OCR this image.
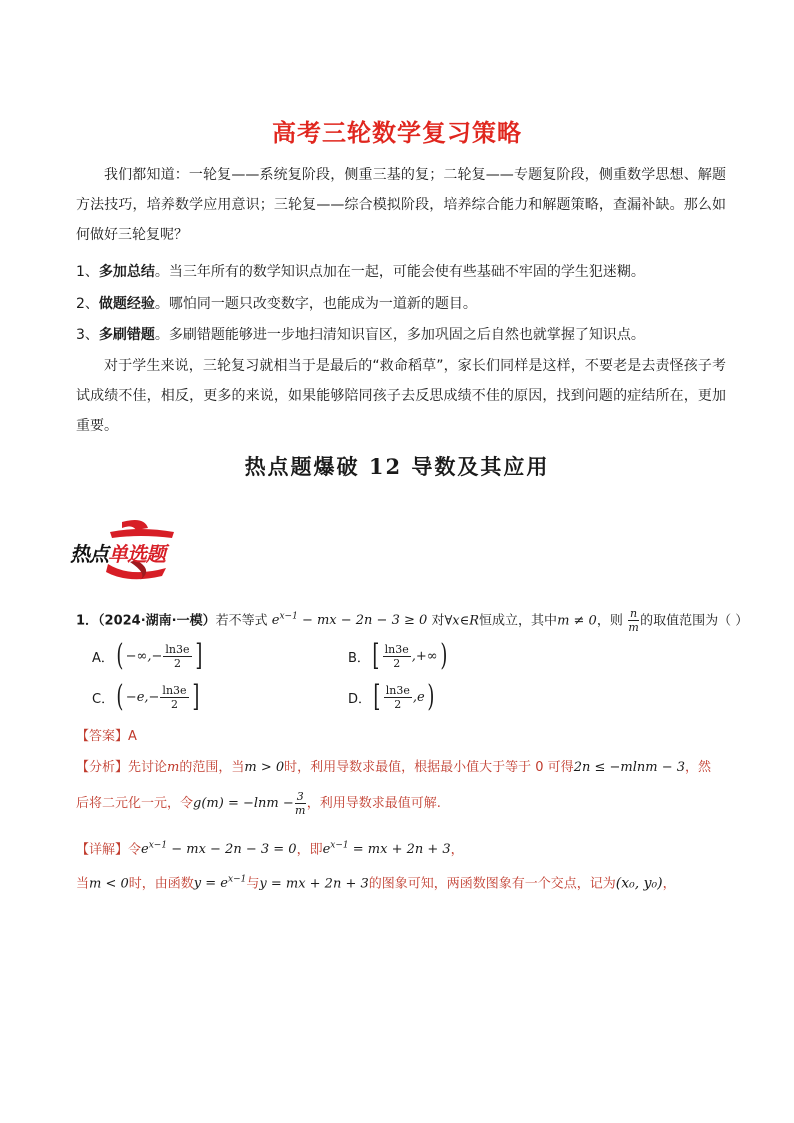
高考三轮数学复习策略

我们都知道：一轮复——系统复阶段，侧重三基的复；二轮复——专题复阶段，侧重数学思想、解题方法技巧，培养数学应用意识；三轮复——综合模拟阶段，培养综合能力和解题策略，查漏补缺。那么如何做好三轮复呢？

1、多加总结。当三年所有的数学知识点加在一起，可能会使有些基础不牢固的学生犯迷糊。

2、做题经验。哪怕同一题只改变数字，也能成为一道新的题目。

3、多刷错题。多刷错题能够进一步地扫清知识盲区，多加巩固之后自然也就掌握了知识点。

对于学生来说，三轮复习就相当于是最后的“救命稻草”，家长们同样是这样，不要老是去责怪孩子考试成绩不佳，相反，更多的来说，如果能够陪同孩子去反思成绩不佳的原因，找到问题的症结所在，更加重要。

热点题爆破 12 导数及其应用
热点单选题
1．（2024·湖南·一模）若不等式 $e^{x-1}$ − mx − 2n − 3 ≥ 0 对∀x∈R恒成立，其中m ≠ 0，则 $\frac{n}{m}$ 的取值范围为（ ）
A． ( −∞,− $\frac{\ln 3e}{2}$ ]	B． [ $\frac{\ln 3e}{2}$ ,+∞ )
C． ( $-e,- \frac{\ln 3e}{2}$ ]	D． [ $\frac{\ln 3e}{2} ,e$ )
【答案】A
【分析】先讨论m的范围，当m > 0时，利用导数求最值，根据最小值大于等于 0 可得2n ≤ −mlnm − 3，然
后将二元化一元，令$g(m) = -\ln m - \frac{3}{m}$ ，利用导数求最值可解.
【详解】令$e^{x-1}$ − mx − 2n − 3 = 0，即$e^{x-1}$ = mx + 2n + 3，
当m < 0时，由函数$y = e^{x-1}$与y = mx + 2n + 3的图象可知，两函数图象有一个交点，记为(x₀, y₀)，
